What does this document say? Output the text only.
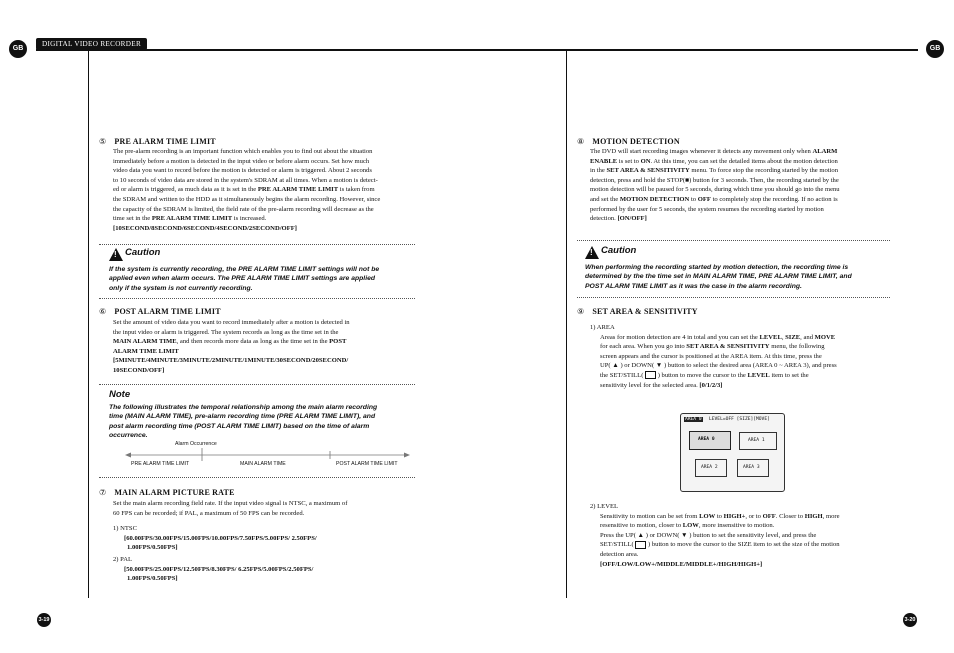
GB
DIGITAL VIDEO RECORDER
GB
⑤ PRE ALARM TIME LIMIT
The pre-alarm recording is an important function which enables you to find out about the situation
immediately before a motion is detected in the input video or before alarm occurs. Set how much
video data you want to record before the motion is detected or alarm is triggered. About 2 seconds
to 10 seconds of video data are stored in the system's SDRAM at all times. When a motion is detect-
ed or alarm is triggered, as much data as it is set in the PRE ALARM TIME LIMIT is taken from
the SDRAM and written to the HDD as it simultaneously begins the alarm recording. However, since
the capacity of the SDRAM is limited, the field rate of the pre-alarm recording will decrease as the
time set in the PRE ALARM TIME LIMIT is increased.
[10SECOND/8SECOND/6SECOND/4SECOND/2SECOND/OFF]
!
Caution
If the system is currently recording, the PRE ALARM TIME LIMIT settings will not be
applied even when alarm occurs. The PRE ALARM TIME LIMIT settings are applied
only if the system is not currently recording.
⑥ POST ALARM TIME LIMIT
Set the amount of video data you want to record immediately after a motion is detected in
the input video or alarm is triggered. The system records as long as the time set in the
MAIN ALARM TIME, and then records more data as long as the time set in the POST
ALARM TIME LIMIT
[5MINUTE/4MINUTE/3MINUTE/2MINUTE/1MINUTE/30SECOND/20SECOND/
10SECOND/OFF]
Note
The following illustrates the temporal relationship among the main alarm recording
time (MAIN ALARM TIME), pre-alarm recording time (PRE ALARM TIME LIMIT), and
post alarm recording time (POST ALARM TIME LIMIT) based on the time of alarm
occurrence.
Alarm Occurrence
PRE ALARM TIME LIMIT	MAIN ALARM TIME	POST ALARM TIME LIMIT
⑦ MAIN ALARM PICTURE RATE
Set the main alarm recording field rate. If the input video signal is NTSC, a maximum of
60 FPS can be recorded; if PAL, a maximum of 50 FPS can be recorded.
1) NTSC
[60.00FPS/30.00FPS/15.00FPS/10.00FPS/7.50FPS/5.00FPS/ 2.50FPS/
1.00FPS/0.50FPS]
2) PAL
[50.00FPS/25.00FPS/12.50FPS/8.30FPS/ 6.25FPS/5.00FPS/2.50FPS/
1.00FPS/0.50FPS]
3-19
⑧ MOTION DETECTION
The DVD will start recording images whenever it detects any movement only when ALARM
ENABLE is set to ON. At this time, you can set the detailed items about the motion detection
in the SET AREA & SENSITIVITY menu. To force stop the recording started by the motion
detection, press and hold the STOP(■) button for 3 seconds. Then, the recording started by the
motion detection will be paused for 5 seconds, during which time you should go into the menu
and set the MOTION DETECTION to OFF to completely stop the recording. If no action is
performed by the user for 5 seconds, the system resumes the recording started by motion
detection. [ON/OFF]
!
Caution
When performing the recording started by motion detection, the recording time is
determined by the the time set in MAIN ALARM TIME, PRE ALARM TIME LIMIT, and
POST ALARM TIME LIMIT as it was the case in the alarm recording.
⑨ SET AREA & SENSITIVITY
1) AREA
Areas for motion detection are 4 in total and you can set the LEVEL, SIZE, and MOVE
for each area. When you go into SET AREA & SENSITIVITY menu, the following
screen appears and the cursor is positioned at the AREA item. At this time, press the
UP( ▲ ) or DOWN( ▼ ) button to select the desired area (AREA 0 ~ AREA 3), and press
the SET/STILL(  ) button to move the cursor to the LEVEL item to set the
sensitivity level for the selected area. [0/1/2/3]
AREA 0 LEVEL=OFF [SIZE][MOVE]
AREA 0	AREA 1
AREA 2	AREA 3
2) LEVEL
Sensitivity to motion can be set from LOW to HIGH+, or to OFF. Closer to HIGH, more
resensitive to motion, closer to LOW, more insensitive to motion.
Press the UP( ▲ ) or DOWN( ▼ ) button to set the sensitivity level, and press the
SET/STILL(  ) button to move the cursor to the SIZE item to set the size of the motion
detection area.
[OFF/LOW/LOW+/MIDDLE/MIDDLE+/HIGH/HIGH+]
3-20
